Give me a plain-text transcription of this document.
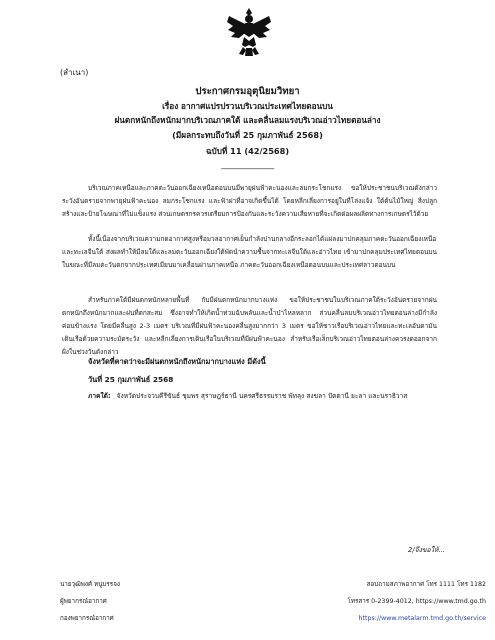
(สำเนา)
ประกาศกรมอุตุนิยมวิทยา
เรื่อง อากาศแปรปรวนบริเวณประเทศไทยตอนบน
ฝนตกหนักถึงหนักมากบริเวณภาคใต้ และคลื่นลมแรงบริเวณอ่าวไทยตอนล่าง
(มีผลกระทบถึงวันที่ 25 กุมภาพันธ์ 2568)
ฉบับที่ 11 (42/2568)
_______________

บริเวณภาคเหนือและภาคตะวันออกเฉียงเหนือตอนบนมีพายุฝนฟ้าคะนองและลมกระโชกแรง ขอให้ประชาชนบริเวณดังกล่าวระวังอันตรายจากพายุฝนฟ้าคะนอง ลมกระโชกแรง และฟ้าผ่าที่อาจเกิดขึ้นได้ โดยหลีกเลี่ยงการอยู่ในที่โล่งแจ้ง ใต้ต้นไม้ใหญ่ สิ่งปลูกสร้างและป้ายโฆษณาที่ไม่แข็งแรง ส่วนเกษตรกรควรเตรียมการป้องกันและระวังความเสียหายที่จะเกิดต่อผลผลิตทางการเกษตรไว้ด้วย

ทั้งนี้เนื่องจากบริเวณความกดอากาศสูงหรือมวลอากาศเย็นกำลังปานกลางอีกระลอกได้แผ่ลงมาปกคลุมภาคตะวันออกเฉียงเหนือและทะเลจีนใต้ ส่งผลทำให้มีลมใต้และลมตะวันออกเฉียงใต้พัดนำความชื้นจากทะเลจีนใต้และอ่าวไทย เข้ามาปกคลุมประเทศไทยตอนบน ในขณะที่มีลมตะวันตกจากประเทศเมียนมาเคลื่อนผ่านภาคเหนือ ภาคตะวันออกเฉียงเหนือตอนบนและประเทศลาวตอนบน

สำหรับภาคใต้มีฝนตกหนักหลายพื้นที่ กับมีฝนตกหนักมากบางแห่ง ขอให้ประชาชนในบริเวณภาคใต้ระวังอันตรายจากฝนตกหนักถึงหนักมากและฝนที่ตกสะสม ซึ่งอาจทำให้เกิดน้ำท่วมฉับพลันและน้ำป่าไหลหลาก ส่วนคลื่นลมบริเวณอ่าวไทยตอนล่างมีกำลังค่อนข้างแรง โดยมีคลื่นสูง 2-3 เมตร บริเวณที่มีฝนฟ้าคะนองคลื่นสูงมากกว่า 3 เมตร ขอให้ชาวเรือบริเวณอ่าวไทยและทะเลอันดามันเดินเรือด้วยความระมัดระวัง และหลีกเลี่ยงการเดินเรือในบริเวณที่มีฝนฟ้าคะนอง สำหรับเรือเล็กบริเวณอ่าวไทยตอนล่างควรงดออกจากฝั่งในช่วงวันดังกล่าว

จังหวัดที่คาดว่าจะมีฝนตกหนักถึงหนักมากบางแห่ง มีดังนี้
วันที่ 25 กุมภาพันธ์ 2568
ภาคใต้: จังหวัดประจวบคีรีขันธ์ ชุมพร สุราษฎร์ธานี นครศรีธรรมราช พัทลุง สงขลา ปัตตานี ยะลา และนราธิวาส
2/จึงขอให้...
นายวุฒิพงศ์ หนูบรรจง
ผู้พยากรณ์อากาศ
กองพยากรณ์อากาศ
สอบถามสภาพอากาศ โทร 1111 โทร 1182
โทรสาร 0-2399-4012, https://www.tmd.go.th
https://www.metalarm.tmd.go.th/service
